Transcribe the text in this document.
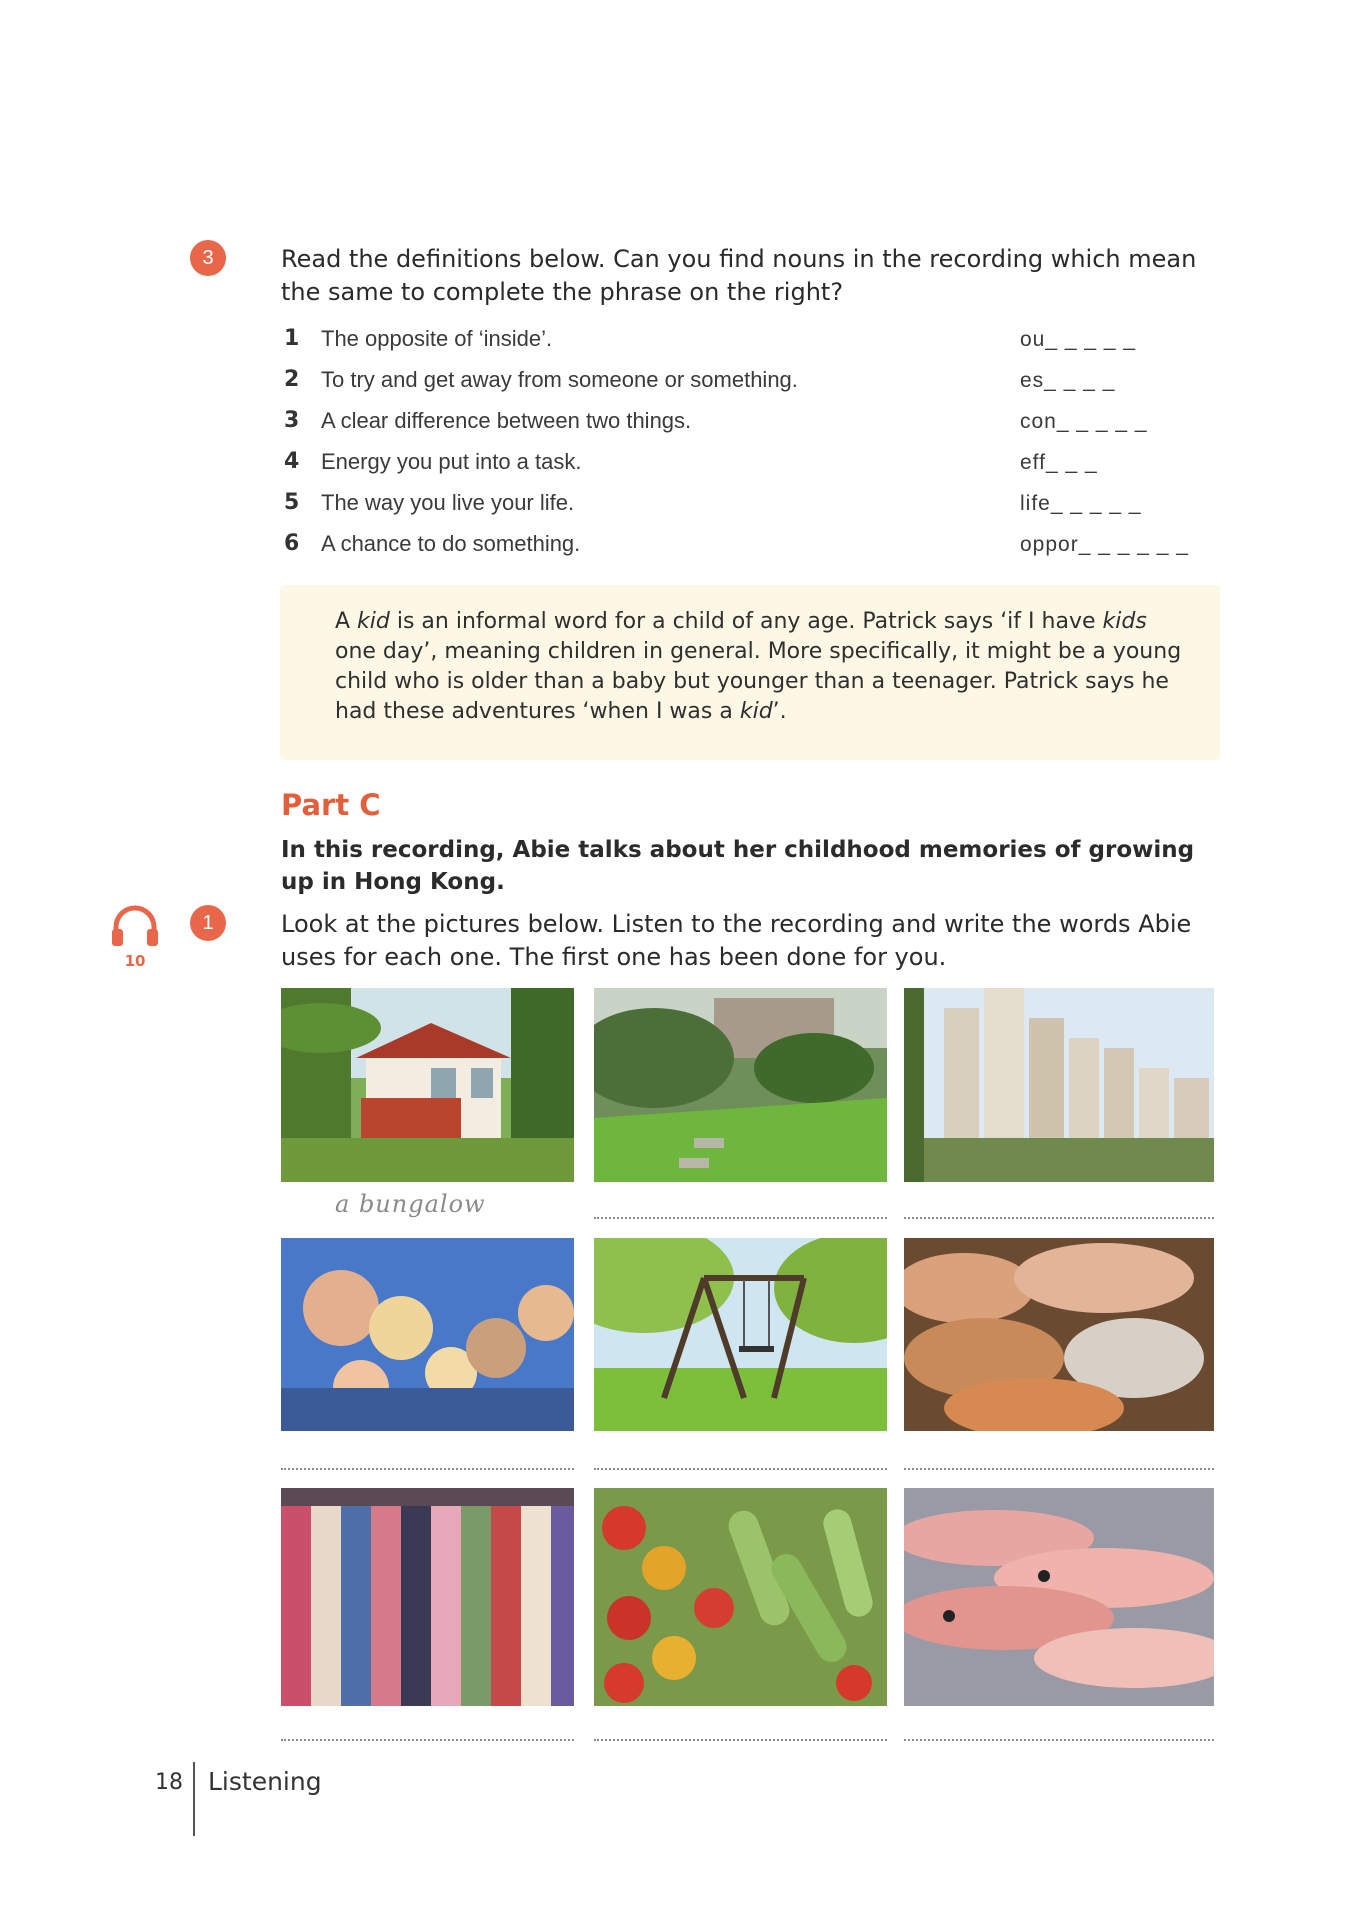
3	Read the definitions below. Can you find nouns in the recording which mean the same to complete the phrase on the right?
1 The opposite of ‘inside’.	ou_ _ _ _ _
2 To try and get away from someone or something.	es_ _ _ _
3 A clear difference between two things.	con_ _ _ _ _
4 Energy you put into a task.	eff_ _ _
5 The way you live your life.	life_ _ _ _ _
6 A chance to do something.	oppor_ _ _ _ _ _
A kid is an informal word for a child of any age. Patrick says ‘if I have kids one day’, meaning children in general. More specifically, it might be a young child who is older than a baby but younger than a teenager. Patrick says he had these adventures ‘when I was a kid’.
Part C
In this recording, Abie talks about her childhood memories of growing up in Hong Kong.
10
1	Look at the pictures below. Listen to the recording and write the words Abie uses for each one. The first one has been done for you.
a bungalow
18 Listening
